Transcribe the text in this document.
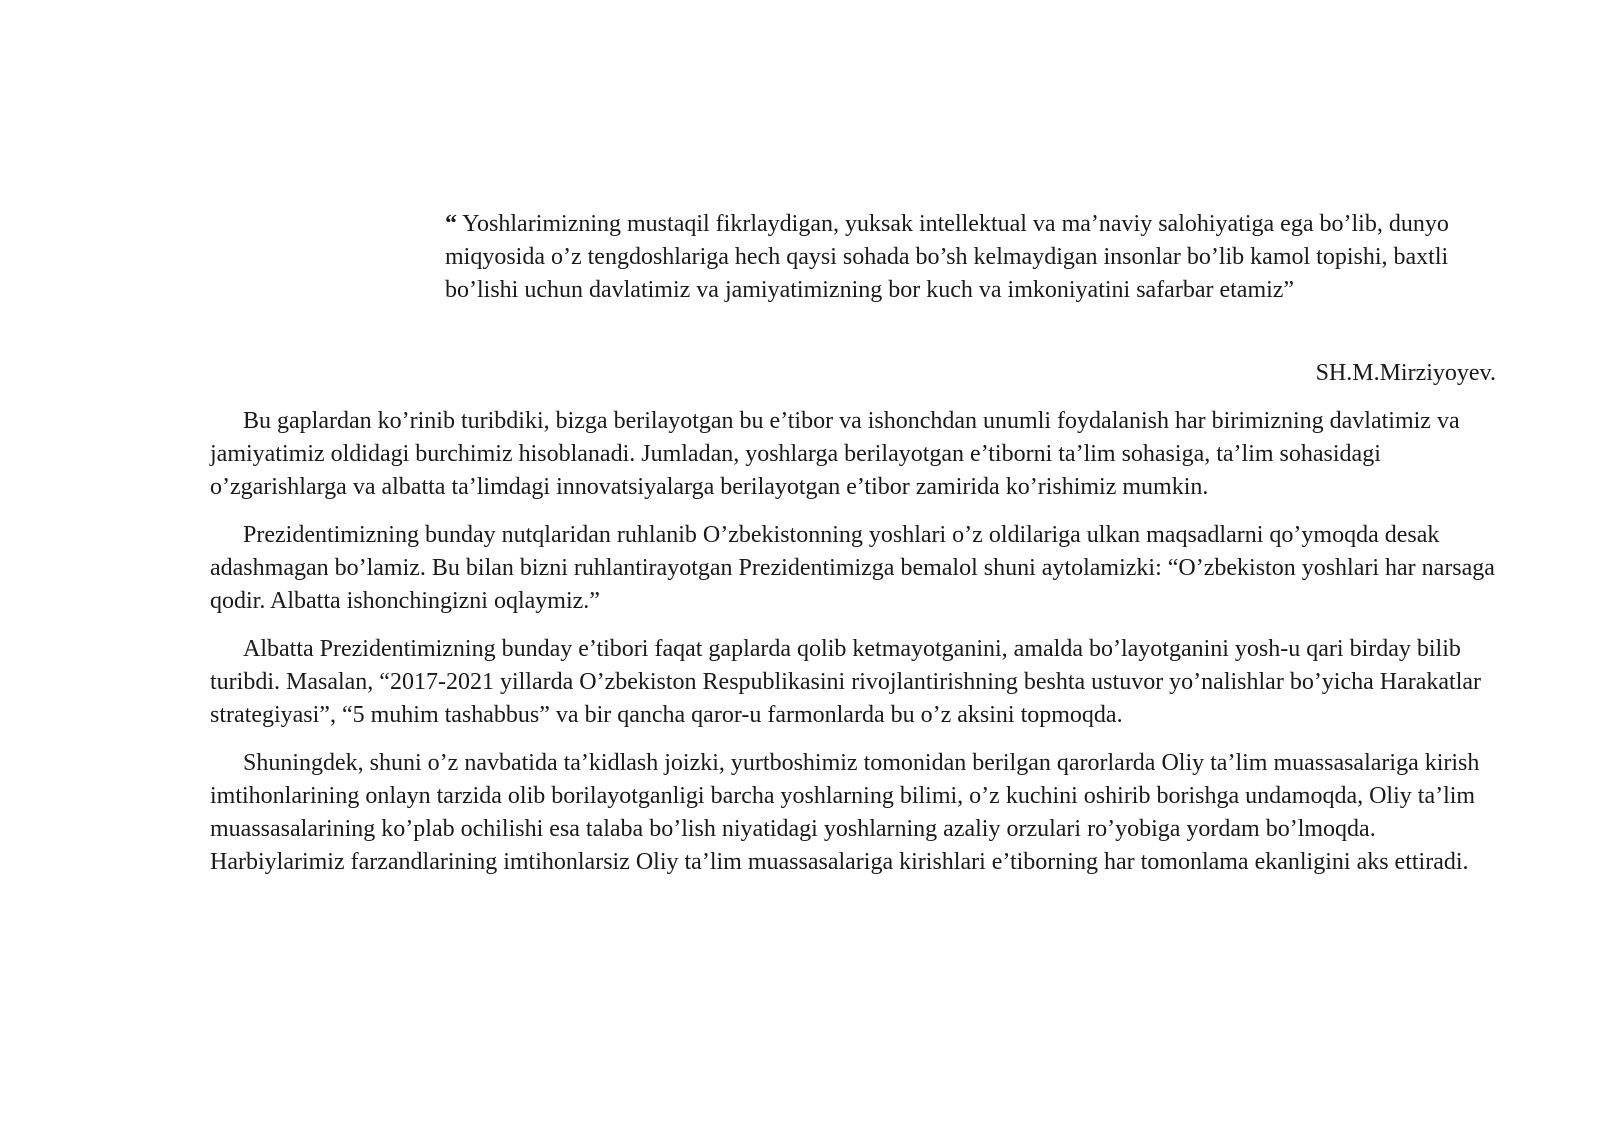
“ Yoshlarimizning mustaqil fikrlaydigan, yuksak intellektual va ma’naviy salohiyatiga ega bo’lib, dunyo miqyosida o’z tengdoshlariga hech qaysi sohada bo’sh kelmaydigan insonlar bo’lib kamol topishi, baxtli bo’lishi uchun davlatimiz va jamiyatimizning bor kuch va imkoniyatini safarbar etamiz”
SH.M.Mirziyoyev.

Bu gaplardan ko’rinib turibdiki, bizga berilayotgan bu e’tibor va ishonchdan unumli foydalanish har birimizning davlatimiz va jamiyatimiz oldidagi burchimiz hisoblanadi. Jumladan, yoshlarga berilayotgan e’tiborni ta’lim sohasiga, ta’lim sohasidagi o’zgarishlarga va albatta ta’limdagi innovatsiyalarga berilayotgan e’tibor zamirida ko’rishimiz mumkin.

Prezidentimizning bunday nutqlaridan ruhlanib O’zbekistonning yoshlari o’z oldilariga ulkan maqsadlarni qo’ymoqda desak adashmagan bo’lamiz. Bu bilan bizni ruhlantirayotgan Prezidentimizga bemalol shuni aytolamizki: “O’zbekiston yoshlari har narsaga qodir. Albatta ishonchingizni oqlaymiz.”

Albatta Prezidentimizning bunday e’tibori faqat gaplarda qolib ketmayotganini, amalda bo’layotganini yosh-u qari birday bilib turibdi. Masalan, “2017-2021 yillarda O’zbekiston Respublikasini rivojlantirishning beshta ustuvor yo’nalishlar bo’yicha Harakatlar strategiyasi”, “5 muhim tashabbus” va bir qancha qaror-u farmonlarda bu o’z aksini topmoqda.

Shuningdek, shuni o’z navbatida ta’kidlash joizki, yurtboshimiz tomonidan berilgan qarorlarda Oliy ta’lim muassasalariga kirish imtihonlarining onlayn tarzida olib borilayotganligi barcha yoshlarning bilimi, o’z kuchini oshirib borishga undamoqda, Oliy ta’lim muassasalarining ko’plab ochilishi esa talaba bo’lish niyatidagi yoshlarning azaliy orzulari ro’yobiga yordam bo’lmoqda. Harbiylarimiz farzandlarining imtihonlarsiz Oliy ta’lim muassasalariga kirishlari e’tiborning har tomonlama ekanligini aks ettiradi.
